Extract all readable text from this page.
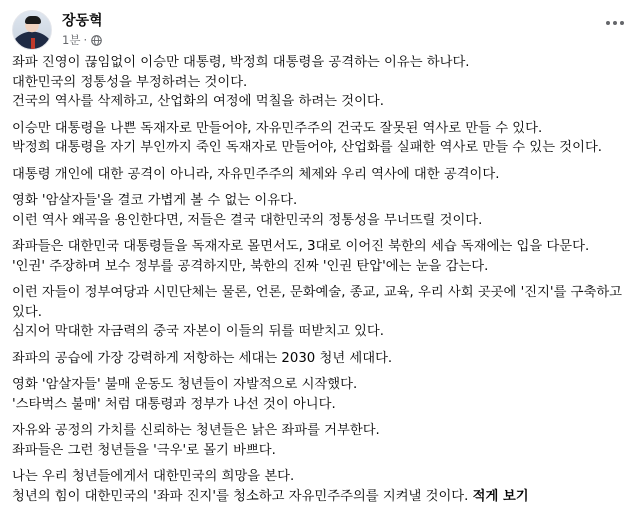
장동혁
1분 ·

좌파 진영이 끊임없이 이승만 대통령, 박정희 대통령을 공격하는 이유는 하나다.
대한민국의 정통성을 부정하려는 것이다.
건국의 역사를 삭제하고, 산업화의 여정에 먹칠을 하려는 것이다.

이승만 대통령을 나쁜 독재자로 만들어야, 자유민주주의 건국도 잘못된 역사로 만들 수 있다.
박정희 대통령을 자기 부인까지 죽인 독재자로 만들어야, 산업화를 실패한 역사로 만들 수 있는 것이다.

대통령 개인에 대한 공격이 아니라, 자유민주주의 체제와 우리 역사에 대한 공격이다.

영화 '암살자들'을 결코 가볍게 볼 수 없는 이유다.
이런 역사 왜곡을 용인한다면, 저들은 결국 대한민국의 정통성을 무너뜨릴 것이다.

좌파들은 대한민국 대통령들을 독재자로 몰면서도, 3대로 이어진 북한의 세습 독재에는 입을 다문다.
'인권' 주장하며 보수 정부를 공격하지만, 북한의 진짜 '인권 탄압'에는 눈을 감는다.

이런 자들이 정부여당과 시민단체는 물론, 언론, 문화예술, 종교, 교육, 우리 사회 곳곳에 '진지'를 구축하고 있다.
심지어 막대한 자금력의 중국 자본이 이들의 뒤를 떠받치고 있다.

좌파의 공습에 가장 강력하게 저항하는 세대는 2030 청년 세대다.

영화 '암살자들' 불매 운동도 청년들이 자발적으로 시작했다.
'스타벅스 불매' 처럼 대통령과 정부가 나선 것이 아니다.

자유와 공정의 가치를 신뢰하는 청년들은 낡은 좌파를 거부한다.
좌파들은 그런 청년들을 '극우'로 몰기 바쁘다.

나는 우리 청년들에게서 대한민국의 희망을 본다.
청년의 힘이 대한민국의 '좌파 진지'를 청소하고 자유민주주의를 지켜낼 것이다. 적게 보기
